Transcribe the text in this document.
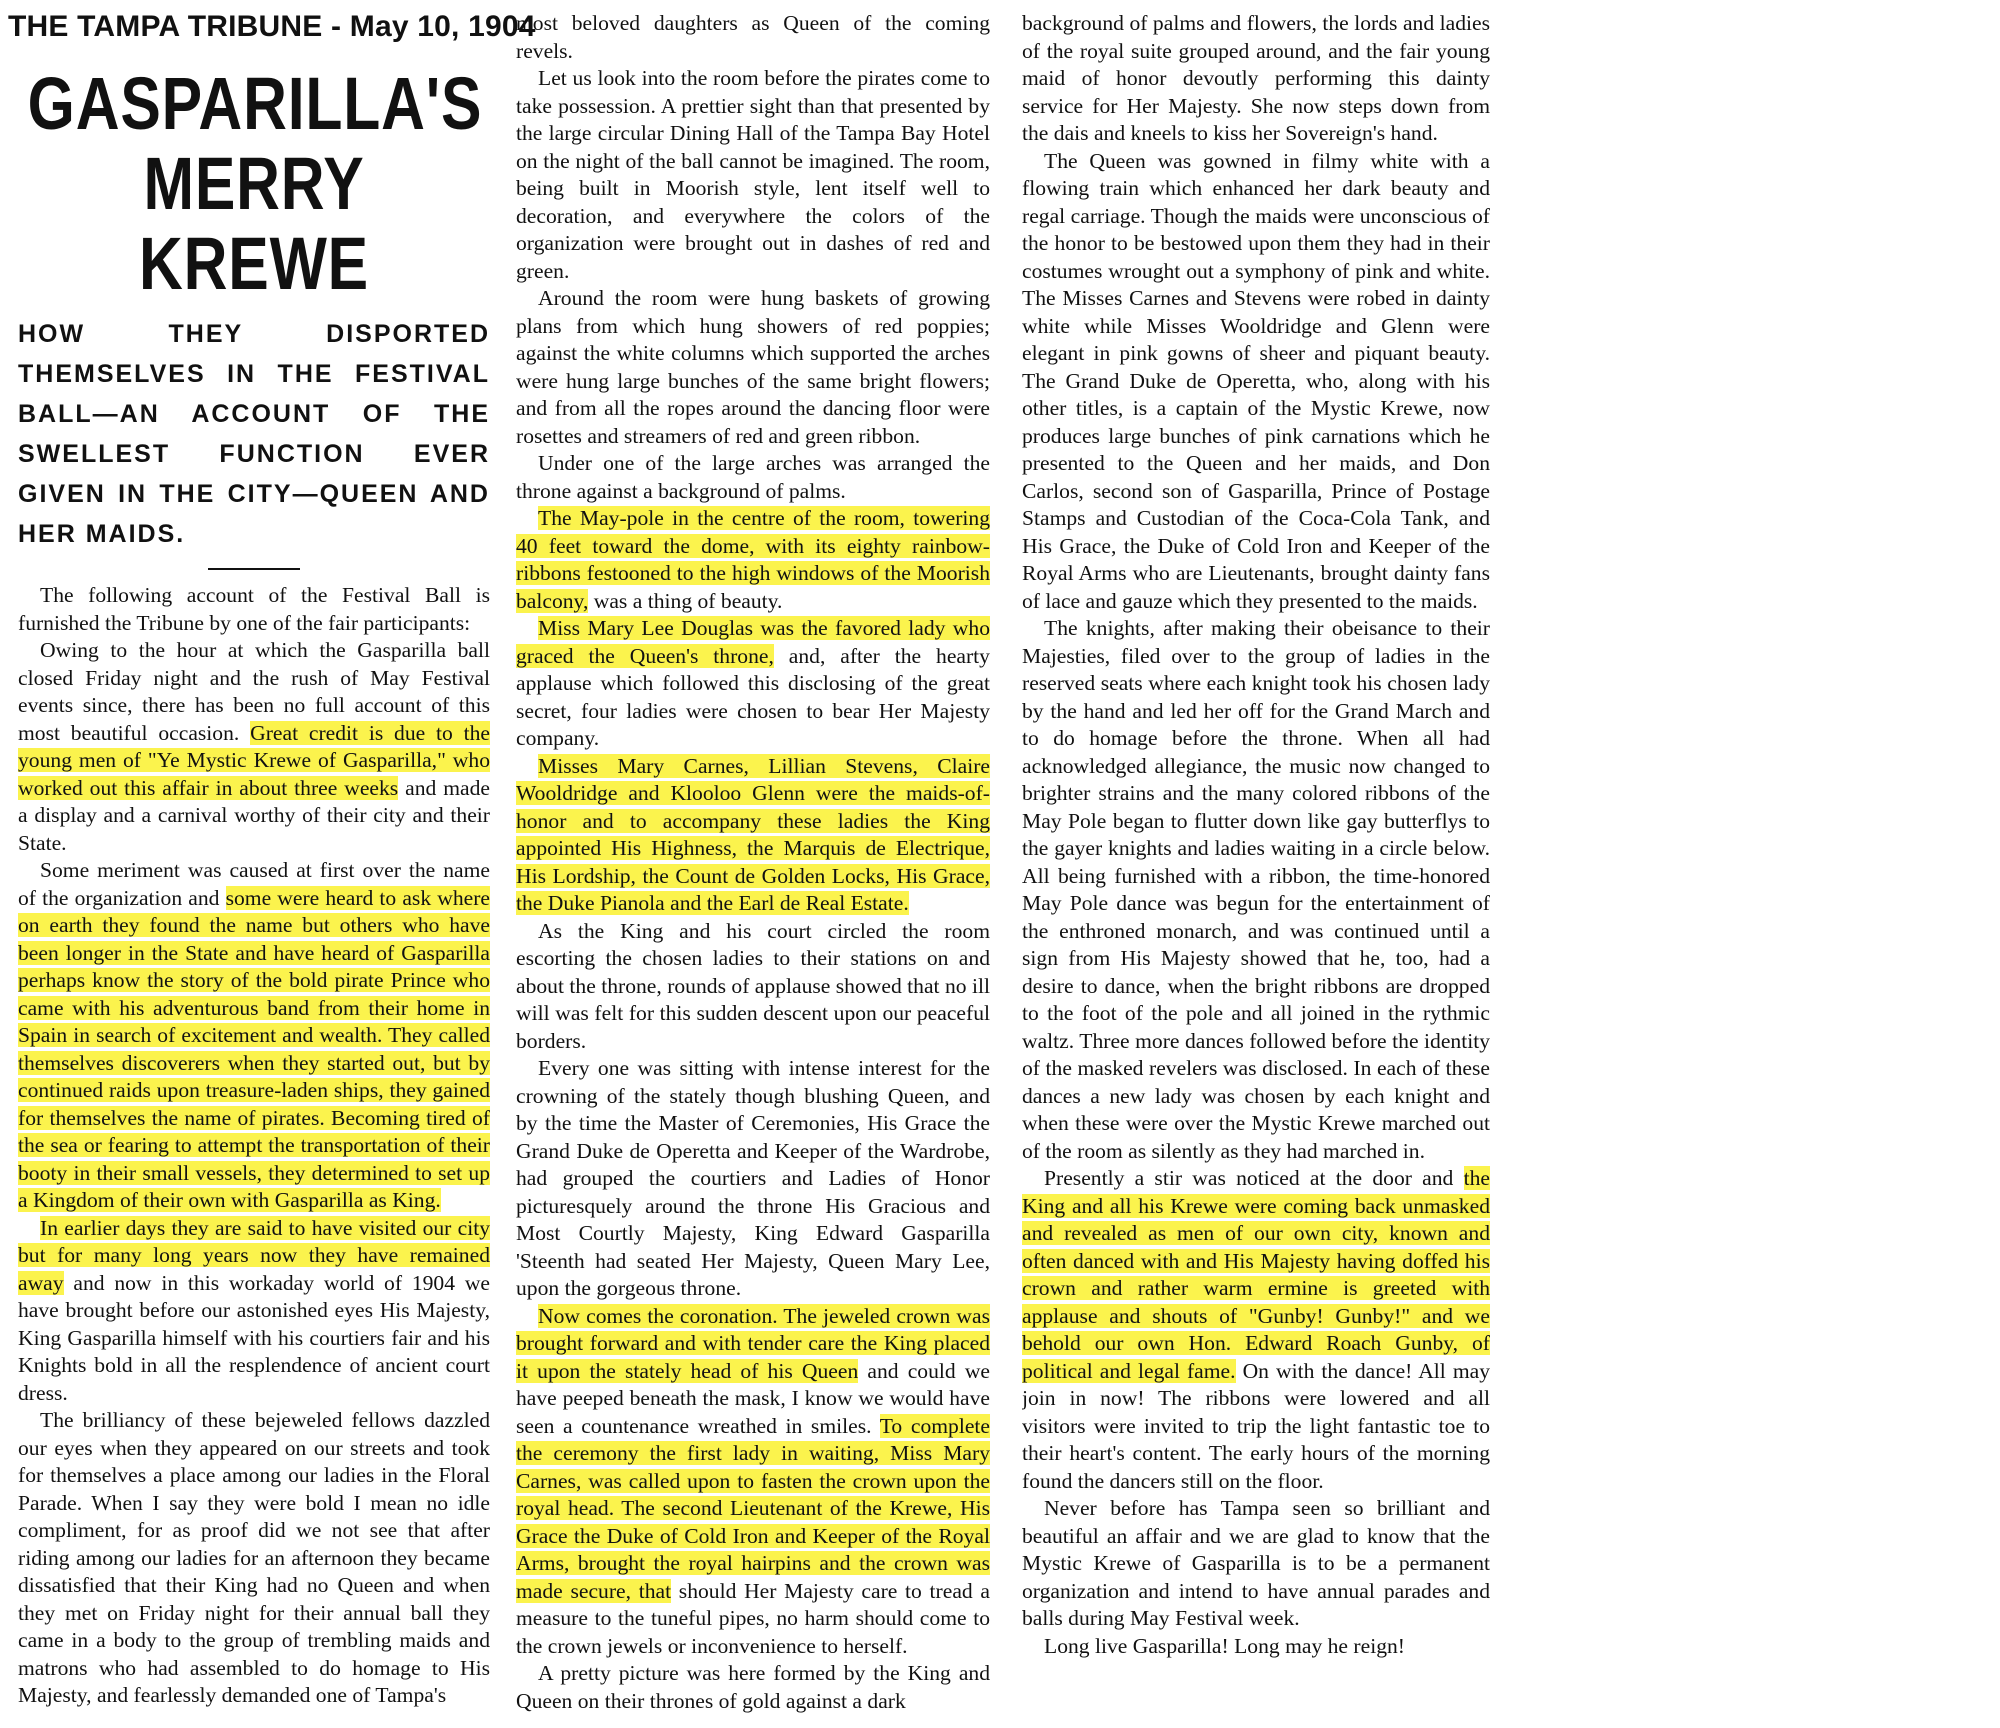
THE TAMPA TRIBUNE - May 10, 1904
GASPARILLA'S MERRY KREWE
HOW THEY DISPORTED THEMSELVES IN THE FESTIVAL BALL—AN ACCOUNT OF THE SWELLEST FUNCTION EVER GIVEN IN THE CITY—QUEEN AND HER MAIDS.

The following account of the Festival Ball is furnished the Tribune by one of the fair participants:

Owing to the hour at which the Gasparilla ball closed Friday night and the rush of May Festival events since, there has been no full account of this most beautiful occasion. Great credit is due to the young men of "Ye Mystic Krewe of Gasparilla," who worked out this affair in about three weeks and made a display and a carnival worthy of their city and their State.

Some meriment was caused at first over the name of the organization and some were heard to ask where on earth they found the name but others who have been longer in the State and have heard of Gasparilla perhaps know the story of the bold pirate Prince who came with his adventurous band from their home in Spain in search of excitement and wealth. They called themselves discoverers when they started out, but by continued raids upon treasure-laden ships, they gained for themselves the name of pirates. Becoming tired of the sea or fearing to attempt the transportation of their booty in their small vessels, they determined to set up a Kingdom of their own with Gasparilla as King.

In earlier days they are said to have visited our city but for many long years now they have remained away and now in this workaday world of 1904 we have brought before our astonished eyes His Majesty, King Gasparilla himself with his courtiers fair and his Knights bold in all the resplendence of ancient court dress.

The brilliancy of these bejeweled fellows dazzled our eyes when they appeared on our streets and took for themselves a place among our ladies in the Floral Parade. When I say they were bold I mean no idle compliment, for as proof did we not see that after riding among our ladies for an afternoon they became dissatisfied that their King had no Queen and when they met on Friday night for their annual ball they came in a body to the group of trembling maids and matrons who had assembled to do homage to His Majesty, and fearlessly demanded one of Tampa's

most beloved daughters as Queen of the coming revels.

Let us look into the room before the pirates come to take possession. A prettier sight than that presented by the large circular Dining Hall of the Tampa Bay Hotel on the night of the ball cannot be imagined. The room, being built in Moorish style, lent itself well to decoration, and everywhere the colors of the organization were brought out in dashes of red and green.

Around the room were hung baskets of growing plans from which hung showers of red poppies; against the white columns which supported the arches were hung large bunches of the same bright flowers; and from all the ropes around the dancing floor were rosettes and streamers of red and green ribbon.

Under one of the large arches was arranged the throne against a background of palms.

The May-pole in the centre of the room, towering 40 feet toward the dome, with its eighty rainbow-ribbons festooned to the high windows of the Moorish balcony, was a thing of beauty.

Miss Mary Lee Douglas was the favored lady who graced the Queen's throne, and, after the hearty applause which followed this disclosing of the great secret, four ladies were chosen to bear Her Majesty company.

Misses Mary Carnes, Lillian Stevens, Claire Wooldridge and Klooloo Glenn were the maids-of-honor and to accompany these ladies the King appointed His Highness, the Marquis de Electrique, His Lordship, the Count de Golden Locks, His Grace, the Duke Pianola and the Earl de Real Estate.

As the King and his court circled the room escorting the chosen ladies to their stations on and about the throne, rounds of applause showed that no ill will was felt for this sudden descent upon our peaceful borders.

Every one was sitting with intense interest for the crowning of the stately though blushing Queen, and by the time the Master of Ceremonies, His Grace the Grand Duke de Operetta and Keeper of the Wardrobe, had grouped the courtiers and Ladies of Honor picturesquely around the throne His Gracious and Most Courtly Majesty, King Edward Gasparilla 'Steenth had seated Her Majesty, Queen Mary Lee, upon the gorgeous throne.

Now comes the coronation. The jeweled crown was brought forward and with tender care the King placed it upon the stately head of his Queen and could we have peeped beneath the mask, I know we would have seen a countenance wreathed in smiles. To complete the ceremony the first lady in waiting, Miss Mary Carnes, was called upon to fasten the crown upon the royal head. The second Lieutenant of the Krewe, His Grace the Duke of Cold Iron and Keeper of the Royal Arms, brought the royal hairpins and the crown was made secure, that should Her Majesty care to tread a measure to the tuneful pipes, no harm should come to the crown jewels or inconvenience to herself.

A pretty picture was here formed by the King and Queen on their thrones of gold against a dark

background of palms and flowers, the lords and ladies of the royal suite grouped around, and the fair young maid of honor devoutly performing this dainty service for Her Majesty. She now steps down from the dais and kneels to kiss her Sovereign's hand.

The Queen was gowned in filmy white with a flowing train which enhanced her dark beauty and regal carriage. Though the maids were unconscious of the honor to be bestowed upon them they had in their costumes wrought out a symphony of pink and white. The Misses Carnes and Stevens were robed in dainty white while Misses Wooldridge and Glenn were elegant in pink gowns of sheer and piquant beauty. The Grand Duke de Operetta, who, along with his other titles, is a captain of the Mystic Krewe, now produces large bunches of pink carnations which he presented to the Queen and her maids, and Don Carlos, second son of Gasparilla, Prince of Postage Stamps and Custodian of the Coca-Cola Tank, and His Grace, the Duke of Cold Iron and Keeper of the Royal Arms who are Lieutenants, brought dainty fans of lace and gauze which they presented to the maids.

The knights, after making their obeisance to their Majesties, filed over to the group of ladies in the reserved seats where each knight took his chosen lady by the hand and led her off for the Grand March and to do homage before the throne. When all had acknowledged allegiance, the music now changed to brighter strains and the many colored ribbons of the May Pole began to flutter down like gay butterflys to the gayer knights and ladies waiting in a circle below. All being furnished with a ribbon, the time-honored May Pole dance was begun for the entertainment of the enthroned monarch, and was continued until a sign from His Majesty showed that he, too, had a desire to dance, when the bright ribbons are dropped to the foot of the pole and all joined in the rythmic waltz. Three more dances followed before the identity of the masked revelers was disclosed. In each of these dances a new lady was chosen by each knight and when these were over the Mystic Krewe marched out of the room as silently as they had marched in.

Presently a stir was noticed at the door and the King and all his Krewe were coming back unmasked and revealed as men of our own city, known and often danced with and His Majesty having doffed his crown and rather warm ermine is greeted with applause and shouts of "Gunby! Gunby!" and we behold our own Hon. Edward Roach Gunby, of political and legal fame. On with the dance! All may join in now! The ribbons were lowered and all visitors were invited to trip the light fantastic toe to their heart's content. The early hours of the morning found the dancers still on the floor.

Never before has Tampa seen so brilliant and beautiful an affair and we are glad to know that the Mystic Krewe of Gasparilla is to be a permanent organization and intend to have annual parades and balls during May Festival week.

Long live Gasparilla! Long may he reign!
